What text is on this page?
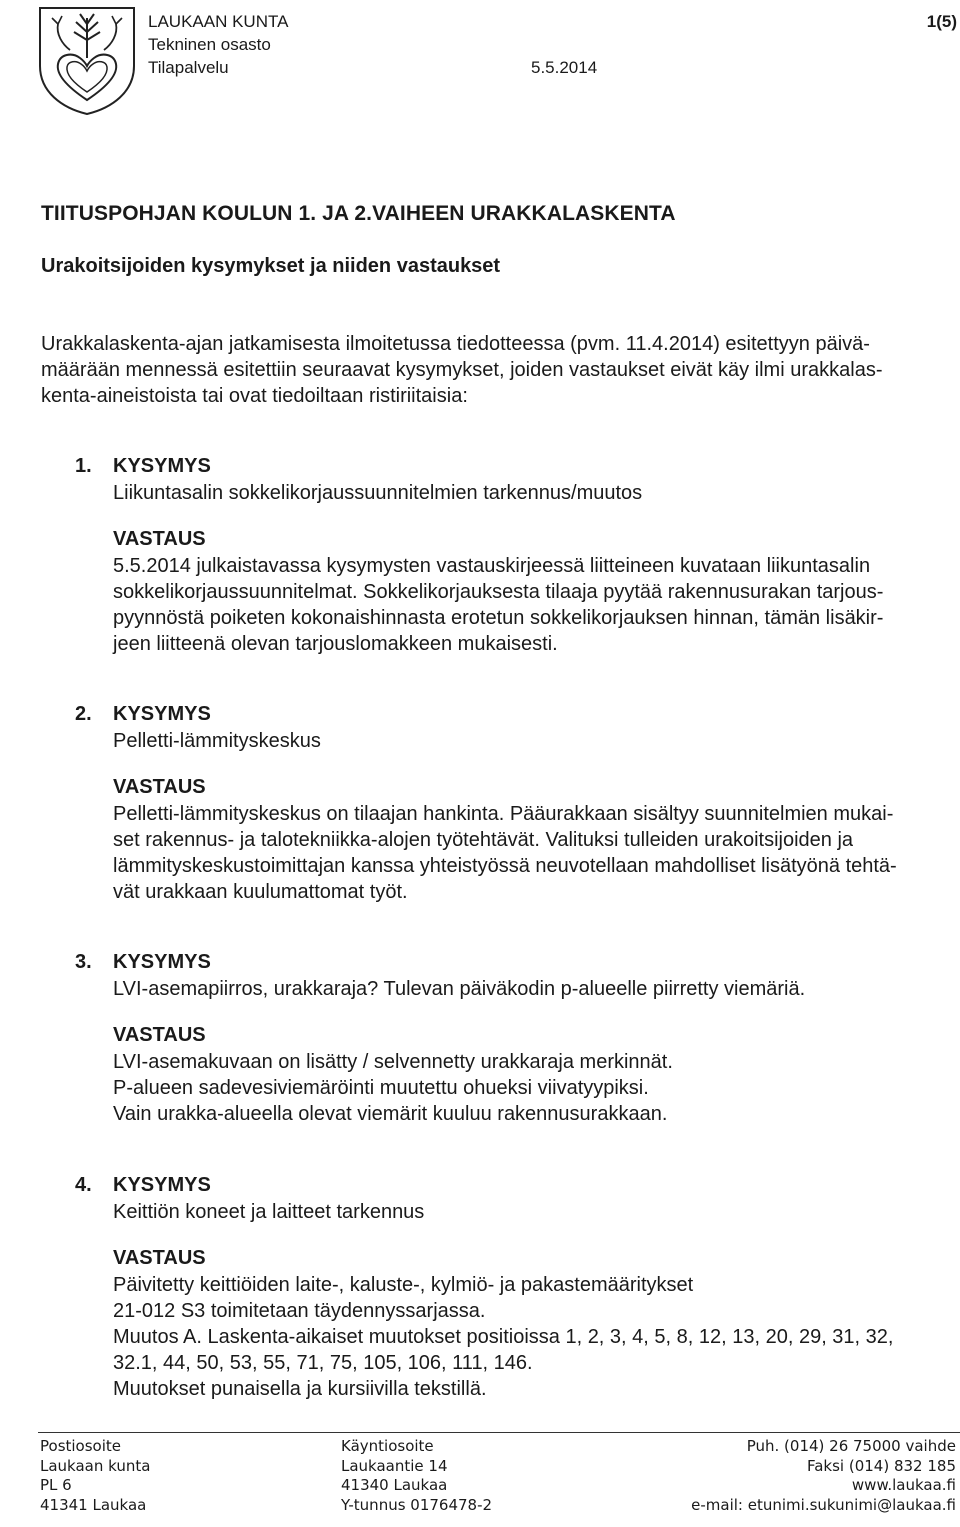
LAUKAAN KUNTA
Tekninen osasto
Tilapalvelu	5.5.2014
1(5)
TIITUSPOHJAN KOULUN 1. JA 2.VAIHEEN URAKKALASKENTA
Urakoitsijoiden kysymykset ja niiden vastaukset
Urakkalaskenta-ajan jatkamisesta ilmoitetussa tiedotteessa (pvm. 11.4.2014) esitettyyn päivä-
määrään mennessä esitettiin seuraavat kysymykset, joiden vastaukset eivät käy ilmi urakkalas-
kenta-aineistoista tai ovat tiedoiltaan ristiriitaisia:
1. KYSYMYS
Liikuntasalin sokkelikorjaussuunnitelmien tarkennus/muutos
VASTAUS
5.5.2014 julkaistavassa kysymysten vastauskirjeessä liitteineen kuvataan liikuntasalin
sokkelikorjaussuunnitelmat. Sokkelikorjauksesta tilaaja pyytää rakennusurakan tarjous-
pyynnöstä poiketen kokonaishinnasta erotetun sokkelikorjauksen hinnan, tämän lisäkir-
jeen liitteenä olevan tarjouslomakkeen mukaisesti.
2. KYSYMYS
Pelletti-lämmityskeskus
VASTAUS
Pelletti-lämmityskeskus on tilaajan hankinta. Pääurakkaan sisältyy suunnitelmien mukai-
set rakennus- ja talotekniikka-alojen työtehtävät. Valituksi tulleiden urakoitsijoiden ja
lämmityskeskustoimittajan kanssa yhteistyössä neuvotellaan mahdolliset lisätyönä tehtä-
vät urakkaan kuulumattomat työt.
3. KYSYMYS
LVI-asemapiirros, urakkaraja? Tulevan päiväkodin p-alueelle piirretty viemäriä.
VASTAUS
LVI-asemakuvaan on lisätty / selvennetty urakkaraja merkinnät.
P-alueen sadevesiviemäröinti muutettu ohueksi viivatyypiksi.
Vain urakka-alueella olevat viemärit kuuluu rakennusurakkaan.
4. KYSYMYS
Keittiön koneet ja laitteet tarkennus
VASTAUS
Päivitetty keittiöiden laite-, kaluste-, kylmiö- ja pakastemääritykset
21-012 S3 toimitetaan täydennyssarjassa.
Muutos A. Laskenta-aikaiset muutokset positioissa 1, 2, 3, 4, 5, 8, 12, 13, 20, 29, 31, 32,
32.1, 44, 50, 53, 55, 71, 75, 105, 106, 111, 146.
Muutokset punaisella ja kursiivilla tekstillä.
Postiosoite
Laukaan kunta
PL 6
41341 Laukaa
Käyntiosoite
Laukaantie 14
41340 Laukaa
Y-tunnus 0176478-2
Puh. (014) 26 75000 vaihde
Faksi (014) 832 185
www.laukaa.fi
e-mail: etunimi.sukunimi@laukaa.fi
